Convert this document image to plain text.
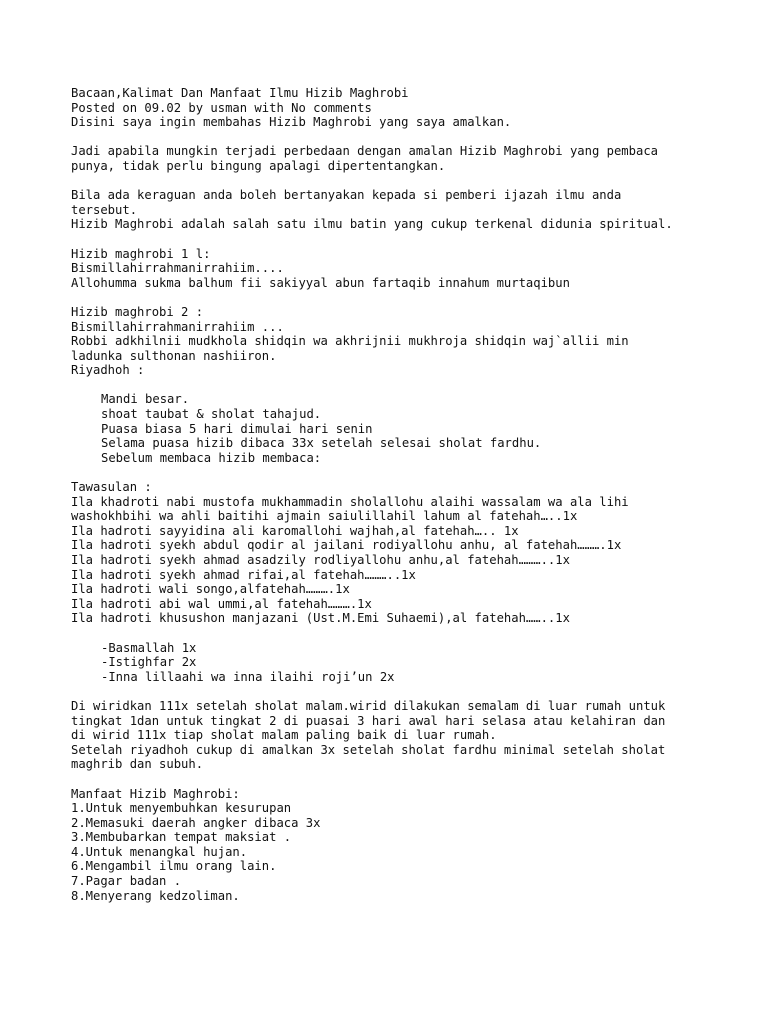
Bacaan,Kalimat Dan Manfaat Ilmu Hizib Maghrobi
Posted on 09.02 by usman with No comments
Disini saya ingin membahas Hizib Maghrobi yang saya amalkan.
Jadi apabila mungkin terjadi perbedaan dengan amalan Hizib Maghrobi yang pembaca
punya, tidak perlu bingung apalagi dipertentangkan.
Bila ada keraguan anda boleh bertanyakan kepada si pemberi ijazah ilmu anda
tersebut.
Hizib Maghrobi adalah salah satu ilmu batin yang cukup terkenal didunia spiritual.
Hizib maghrobi 1 l:
Bismillahirrahmanirrahiim....
Allohumma sukma balhum fii sakiyyal abun fartaqib innahum murtaqibun
Hizib maghrobi 2 :
Bismillahirrahmanirrahiim ...
Robbi adkhilnii mudkhola shidqin wa akhrijnii mukhroja shidqin waj`allii min
ladunka sulthonan nashiiron.
Riyadhoh :
Mandi besar.
shoat taubat & sholat tahajud.
Puasa biasa 5 hari dimulai hari senin
Selama puasa hizib dibaca 33x setelah selesai sholat fardhu.
Sebelum membaca hizib membaca:
Tawasulan :
Ila khadroti nabi mustofa mukhammadin sholallohu alaihi wassalam wa ala lihi
washokhbihi wa ahli baitihi ajmain saiulillahil lahum al fatehah…..1x
Ila hadroti sayyidina ali karomallohi wajhah,al fatehah….. 1x
Ila hadroti syekh abdul qodir al jailani rodiyallohu anhu, al fatehah……….1x
Ila hadroti syekh ahmad asadzily rodliyallohu anhu,al fatehah………..1x
Ila hadroti syekh ahmad rifai,al fatehah………..1x
Ila hadroti wali songo,alfatehah……….1x
Ila hadroti abi wal ummi,al fatehah……….1x
Ila hadroti khusushon manjazani (Ust.M.Emi Suhaemi),al fatehah……..1x
-Basmallah 1x
-Istighfar 2x
-Inna lillaahi wa inna ilaihi roji’un 2x
Di wiridkan 111x setelah sholat malam.wirid dilakukan semalam di luar rumah untuk
tingkat 1dan untuk tingkat 2 di puasai 3 hari awal hari selasa atau kelahiran dan
di wirid 111x tiap sholat malam paling baik di luar rumah.
Setelah riyadhoh cukup di amalkan 3x setelah sholat fardhu minimal setelah sholat
maghrib dan subuh.
Manfaat Hizib Maghrobi:
1.Untuk menyembuhkan kesurupan
2.Memasuki daerah angker dibaca 3x
3.Membubarkan tempat maksiat .
4.Untuk menangkal hujan.
6.Mengambil ilmu orang lain.
7.Pagar badan .
8.Menyerang kedzoliman.
